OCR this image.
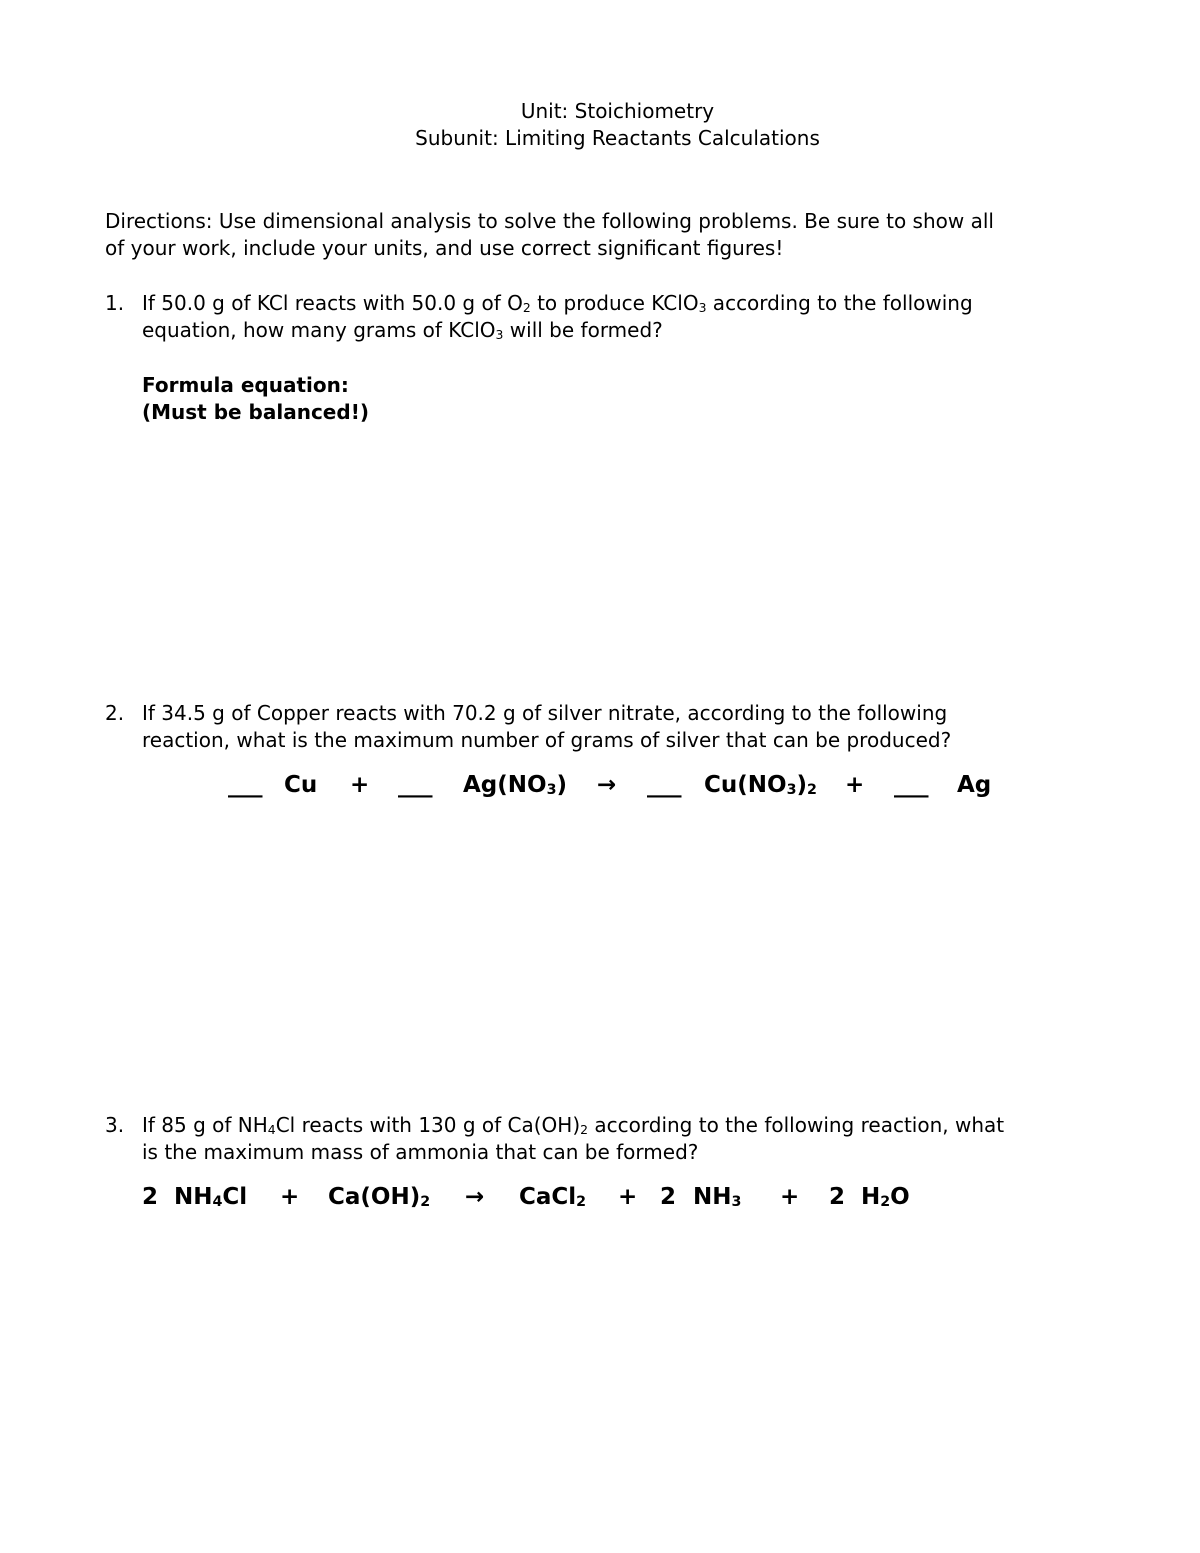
Unit: Stoichiometry
Subunit: Limiting Reactants Calculations
Directions: Use dimensional analysis to solve the following problems. Be sure to show all
of your work, include your units, and use correct significant figures!
1. If 50.0 g of KCl reacts with 50.0 g of $O_2$ to produce KClO$_3$ according to the following
equation, how many grams of KClO$_3$ will be formed?
Formula equation:
(Must be balanced!)
2. If 34.5 g of Copper reacts with 70.2 g of silver nitrate, according to the following
reaction, what is the maximum number of grams of silver that can be produced?
___ Cu + ___ $Ag(NO_3)$ → ___ $Cu(NO_3)_2$ + ___ Ag
3. If 85 g of $NH_4Cl$ reacts with 130 g of $Ca(OH)_2$ according to the following reaction, what
is the maximum mass of ammonia that can be formed?
2 $NH_4Cl + Ca(OH)_2$ → CaCl$_2$ + 2 $NH_3 + 2$ $H_2O$
